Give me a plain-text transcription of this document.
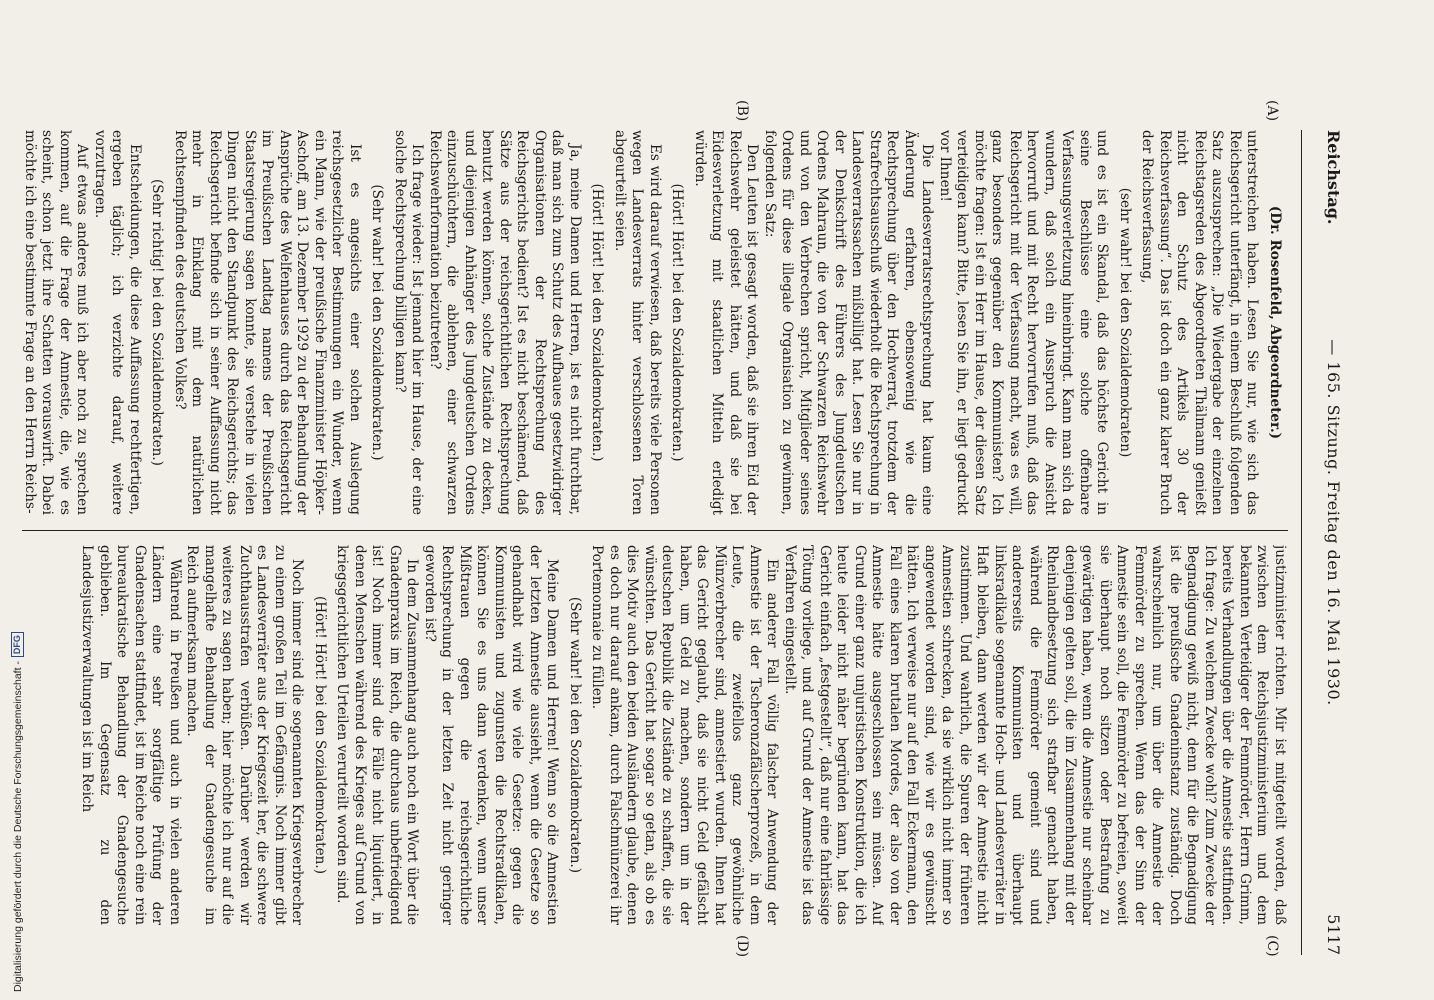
Reichstag.
— 165. Sitzung. Freitag den 16. Mai 1930.
5117
(A)
(B)
(C)
(D)

(Dr. Rosenfeld, Abgeordneter.)

unterstreichen haben. Lesen Sie nur, wie sich das Reichsgericht unterfängt, in einem Beschluß folgenden Satz auszusprechen: „Die Wiedergabe der einzelnen Reichstagsreden des Abgeordneten Thälmann genießt nicht den Schutz des Artikels 30 der Reichsverfassung“. Das ist doch ein ganz klarer Bruch der Reichsverfassung,

(sehr wahr! bei den Sozialdemokraten)

und es ist ein Skandal, daß das höchste Gericht in seine Beschlüsse eine solche offenbare Verfassungsverletzung hineinbringt. Kann man sich da wundern, daß solch ein Ausspruch die Ansicht hervorruft und mit Recht hervorrufen muß, daß das Reichsgericht mit der Verfassung macht, was es will, ganz besonders gegenüber den Kommunisten? Ich möchte fragen: Ist ein Herr im Hause, der diesen Satz verteidigen kann? Bitte, lesen Sie ihn, er liegt gedruckt vor Ihnen!

Die Landesverratsrechtsprechung hat kaum eine Änderung erfahren, ebensowenig wie die Rechtsprechung über den Hochverrat, trotzdem der Strafrechtsausschuß wiederholt die Rechtsprechung in Landesverratssachen mißbilligt hat. Lesen Sie nur in der Denkschrift des Führers des Jungdeutschen Ordens Mahraun, die von der Schwarzen Reichswehr und von den Verbrechen spricht, Mitglieder seines Ordens für diese illegale Organisation zu gewinnen, folgenden Satz:

Den Leuten ist gesagt worden, daß sie ihren Eid der Reichswehr geleistet hätten, und daß sie bei Eidesverletzung mit staatlichen Mitteln erledigt würden.

(Hört! Hört! bei den Sozialdemokraten.)

Es wird darauf verwiesen, daß bereits viele Personen wegen Landesverrats hinter verschlossenen Toren abgeurteilt seien.

(Hört! Hört! bei den Sozialdemokraten.)

Ja, meine Damen und Herren, ist es nicht furchtbar, daß man sich zum Schutz des Aufbaues gesetzwidriger Organisationen der Rechtsprechung des Reichsgerichts bedient? Ist es nicht beschämend, daß Sätze aus der reichsgerichtlichen Rechtsprechung benutzt werden können, solche Zustände zu decken, und diejenigen Anhänger des Jungdeutschen Ordens einzuschüchtern, die ablehnen, einer schwarzen Reichswehrformation beizutreten?

Ich frage wieder: Ist jemand hier im Hause, der eine solche Rechtsprechung billigen kann?

(Sehr wahr! bei den Sozialdemokraten.)

Ist es angesichts einer solchen Auslegung reichsgesetzlicher Bestimmungen ein Wunder, wenn ein Mann, wie der preußische Finanzminister Höpker-Aschoff, am 13. Dezember 1929 zu der Behandlung der Ansprüche des Welfenhauses durch das Reichsgericht im Preußischen Landtag namens der Preußischen Staatsregierung sagen konnte, sie verstehe in vielen Dingen nicht den Standpunkt des Reichsgerichts; das Reichsgericht befinde sich in seiner Auffassung nicht mehr in Einklang mit dem natürlichen Rechtsempfinden des deutschen Volkes?

(Sehr richtig! bei den Sozialdemokraten.)

Entscheidungen, die diese Auffassung rechtfertigen, ergeben täglich; ich verzichte darauf, weitere vorzutragen.

Auf etwas anderes muß ich aber noch zu sprechen kommen, auf die Frage der Amnestie, die, wie es scheint, schon jetzt ihre Schatten vorauswirft. Dabei möchte ich eine bestimmte Frage an den Herrn Reichs-

justizminister richten. Mir ist mitgeteilt worden, daß zwischen dem Reichsjustizministerium und dem bekannten Verteidiger der Femmörder, Herrn Grimm, bereits Verhandlungen über die Amnestie stattfinden. Ich frage: Zu welchem Zwecke wohl? Zum Zwecke der Begnadigung gewiß nicht, denn für die Begnadigung ist die preußische Gnadeninstanz zuständig. Doch wahrscheinlich nur, um über die Amnestie der Femmörder zu sprechen. Wenn das der Sinn der Amnestie sein soll, die Femmörder zu befreien, soweit sie überhaupt noch sitzen oder Bestrafung zu gewärtigen haben, wenn die Amnestie nur scheinbar denjenigen gelten soll, die im Zusammenhang mit der Rheinlandbesetzung sich strafbar gemacht haben, während die Femmörder gemeint sind und andererseits Kommunisten und überhaupt linksradikale sogenannte Hoch- und Landesverräter in Haft bleiben, dann werden wir der Amnestie nicht zustimmen. Und wahrlich, die Spuren der früheren Amnestien schrecken, da sie wirklich nicht immer so angewendet worden sind, wie wir es gewünscht hätten. Ich verweise nur auf den Fall Eckermann, den Fall eines klaren brutalen Mordes, der also von der Amnestie hätte ausgeschlossen sein müssen. Auf Grund einer ganz unjuristischen Konstruktion, die ich heute leider nicht näher begründen kann, hat das Gericht einfach „festgestellt“, daß nur eine fahrlässige Tötung vorliege, und auf Grund der Amnestie ist das Verfahren eingestellt.

Ein anderer Fall völlig falscher Anwendung der Amnestie ist der Tscheronzafälscherprozeß, in dem Leute, die zweifellos ganz gewöhnliche Münzverbrecher sind, amnestiert wurden. Ihnen hat das Gericht geglaubt, daß sie nicht Geld gefälscht haben, um Geld zu machen, sondern um in der deutschen Republik die Zustände zu schaffen, die sie wünschten. Das Gericht hat sogar so getan, als ob es dies Motiv auch den beiden Ausländern glaube, denen es doch nur darauf ankam, durch Falschmünzerei ihr Portemonnaie zu füllen.

(Sehr wahr! bei den Sozialdemokraten.)

Meine Damen und Herren! Wenn so die Amnestien der letzten Amnestie aussieht, wenn die Gesetze so gehandhabt wird wie viele Gesetze: gegen die Kommunisten und zugunsten die Rechtsradikalen, können Sie es uns dann verdenken, wenn unser Mißtrauen gegen die reichsgerichtliche Rechtsprechung in der letzten Zeit nicht geringer geworden ist?

In dem Zusammenhang auch noch ein Wort über die Gnadenpraxis im Reich, die durchaus unbefriedigend ist! Noch immer sind die Fälle nicht liquidiert, in denen Menschen während des Krieges auf Grund von kriegsgerichtlichen Urteilen verurteilt worden sind.

(Hört! Hört! bei den Sozialdemokraten.)

Noch immer sind die sogenannten Kriegsverbrecher zu einem großen Teil im Gefängnis. Noch immer gibt es Landesverräter aus der Kriegszeit her, die schwere Zuchthausstrafen verbüßen. Darüber werden wir weiteres zu sagen haben; hier möchte ich nur auf die mangelhafte Behandlung der Gnadengesuche im Reich aufmerksam machen.

Während in Preußen und auch in vielen anderen Ländern eine sehr sorgfältige Prüfung der Gnadensachen stattfindet, ist im Reiche noch eine rein bureaukratische Behandlung der Gnadengesuche geblieben. Im Gegensatz zu den Landesjustizverwaltungen ist im Reich

Digitalisierung gefördert durch die Deutsche Forschungsgemeinschaft -
DFG
